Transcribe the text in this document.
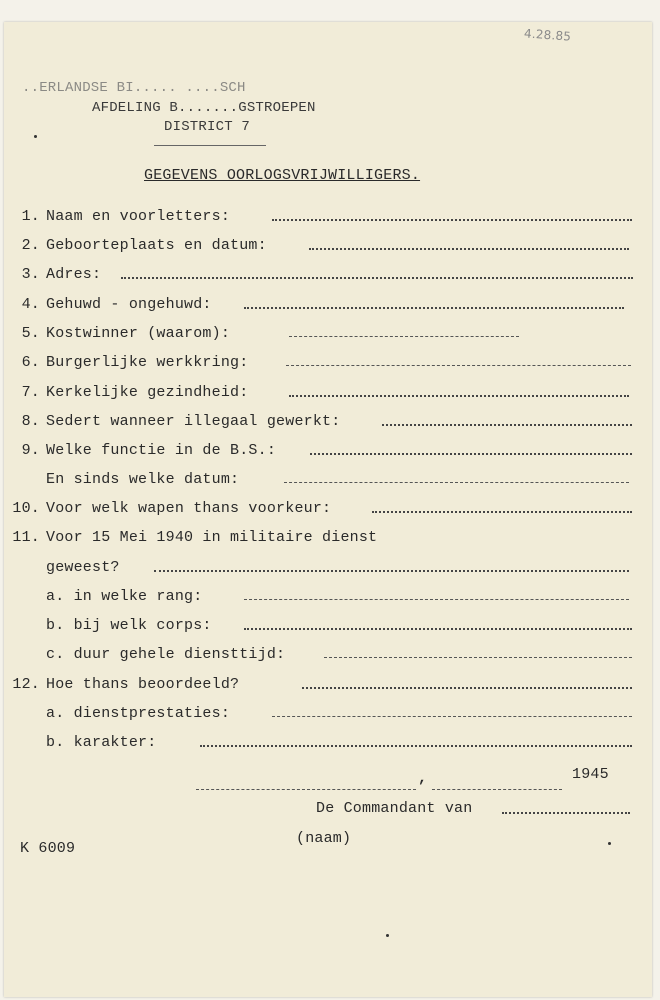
4.28.85
..ERLANDSE BI..... ....SCH
AFDELING B.......GSTROEPEN
DISTRICT 7
GEGEVENS OORLOGSVRIJWILLIGERS.
1. Naam en voorletters:
2. Geboorteplaats en datum:
3. Adres:
4. Gehuwd - ongehuwd:
5. Kostwinner (waarom):
6. Burgerlijke werkkring:
7. Kerkelijke gezindheid:
8. Sedert wanneer illegaal gewerkt:
9. Welke functie in de B.S.:
En sinds welke datum:
10. Voor welk wapen thans voorkeur:
11. Voor 15 Mei 1940 in militaire dienst
geweest?
a. in welke rang:
b. bij welk corps:
c. duur gehele diensttijd:
12. Hoe thans beoordeeld?
a. dienstprestaties:
b. karakter:
,	1945
De Commandant van
(naam)
K 6009
